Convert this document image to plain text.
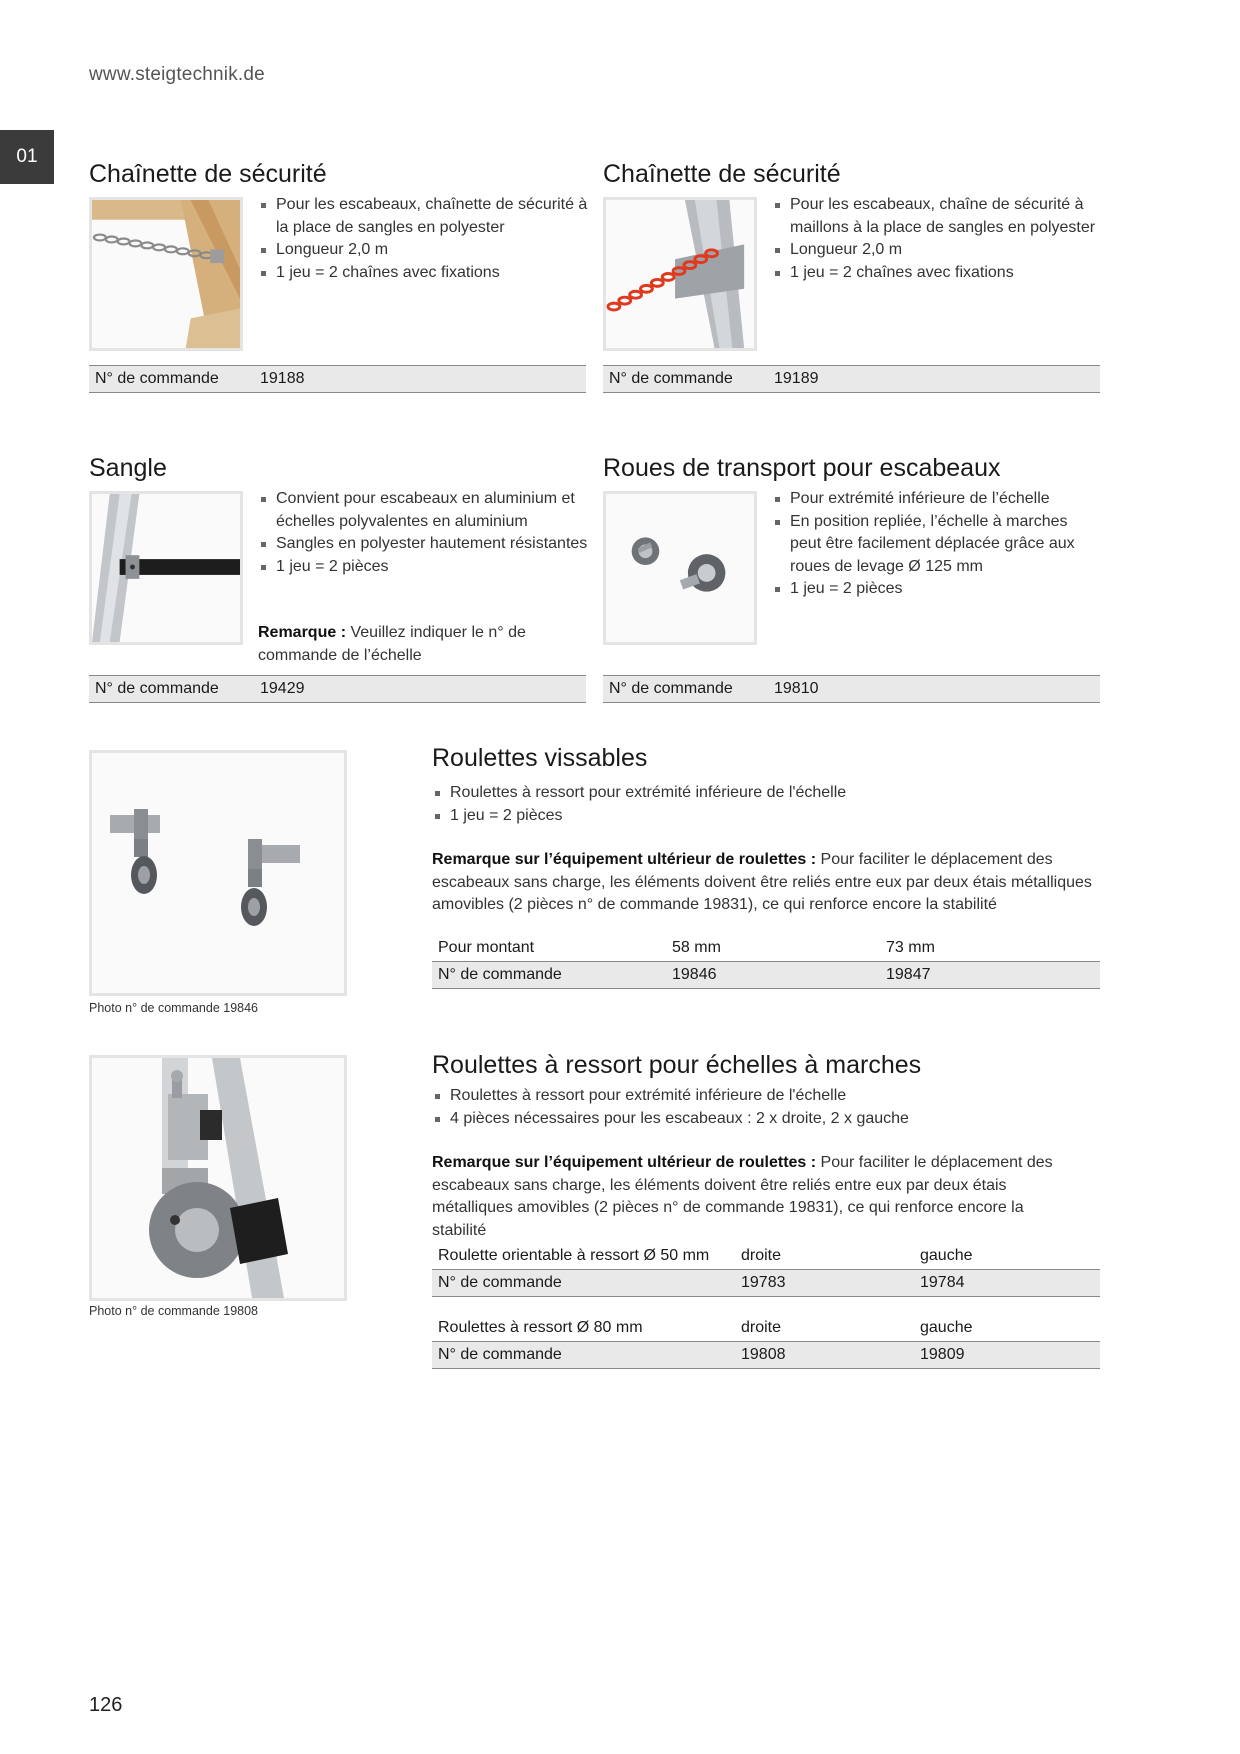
www.steigtechnik.de
01
126
Chaînette de sécurité
Pour les escabeaux, chaînette de sécurité à la place de sangles en polyester
Longueur 2,0 m
1 jeu = 2 chaînes avec fixations
N° de commande	19188
Chaînette de sécurité
Pour les escabeaux, chaîne de sécurité à maillons à la place de sangles en polyester
Longueur 2,0 m
1 jeu = 2 chaînes avec fixations
N° de commande	19189
Sangle
Convient pour escabeaux en aluminium et échelles polyvalentes en aluminium
Sangles en polyester hautement résistantes
1 jeu = 2 pièces

Remarque : Veuillez indiquer le n° de commande de l’échelle

N° de commande	19429
Roues de transport pour escabeaux
Pour extrémité inférieure de l’échelle
En position repliée, l’échelle à marches peut être facilement déplacée grâce aux roues de levage Ø 125 mm
1 jeu = 2 pièces
N° de commande	19810
Photo n° de commande 19846
Roulettes vissables
Roulettes à ressort pour extrémité inférieure de l'échelle
1 jeu = 2 pièces

Remarque sur l’équipement ultérieur de roulettes : Pour faciliter le déplacement des escabeaux sans charge, les éléments doivent être reliés entre eux par deux étais métalliques amovibles (2 pièces n° de commande 19831), ce qui renforce encore la stabilité

Pour montant	58 mm	73 mm
N° de commande	19846	19847
Photo n° de commande 19808
Roulettes à ressort pour échelles à marches
Roulettes à ressort pour extrémité inférieure de l'échelle
4 pièces nécessaires pour les escabeaux : 2 x droite, 2 x gauche

Remarque sur l’équipement ultérieur de roulettes : Pour faciliter le déplacement des escabeaux sans charge, les éléments doivent être reliés entre eux par deux étais métalliques amovibles (2 pièces n° de commande 19831), ce qui renforce encore la stabilité

Roulette orientable à ressort Ø 50 mm droite	gauche
N° de commande	19783	19784
Roulettes à ressort Ø 80 mm	droite	gauche
N° de commande	19808	19809
